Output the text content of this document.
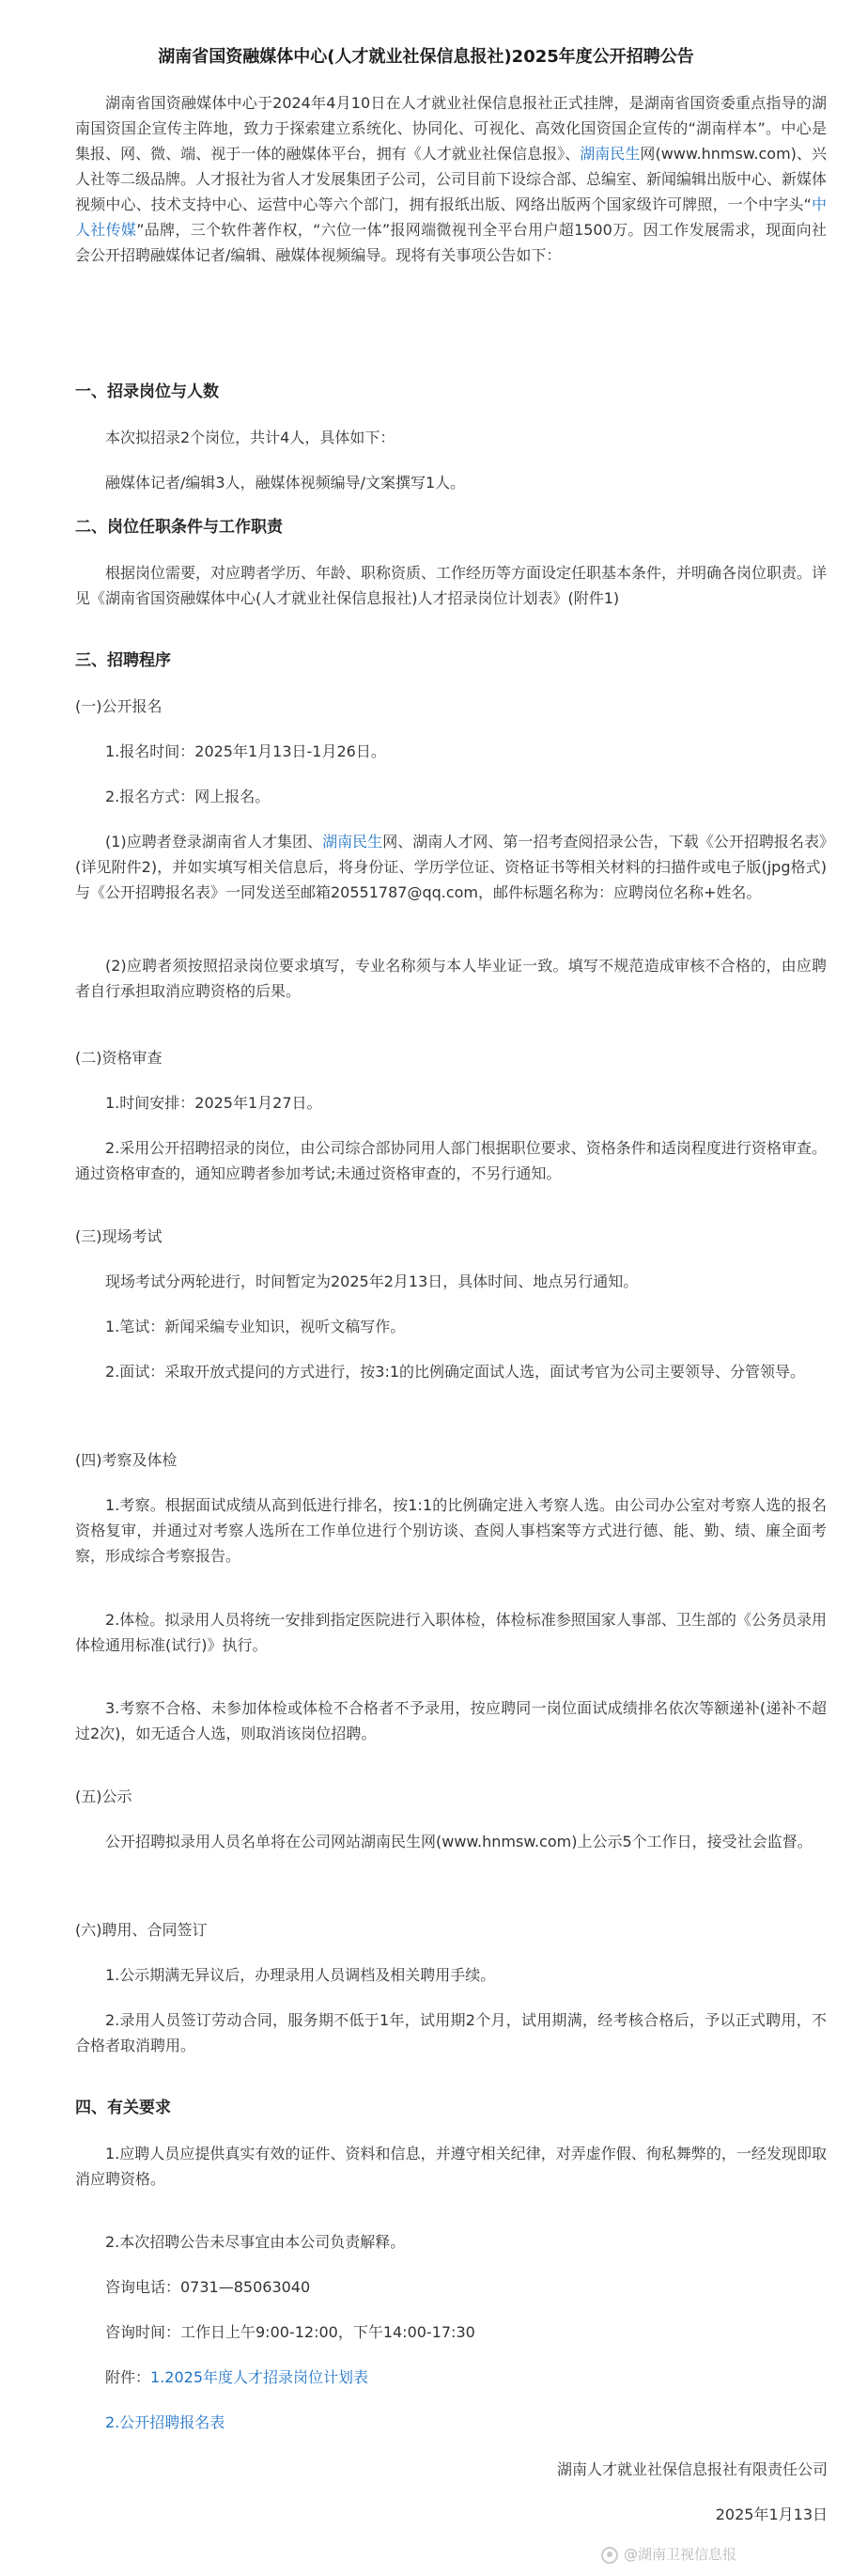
湖南省国资融媒体中心(人才就业社保信息报社)2025年度公开招聘公告

湖南省国资融媒体中心于2024年4月10日在人才就业社保信息报社正式挂牌，是湖南省国资委重点指导的湖南国资国企宣传主阵地，致力于探索建立系统化、协同化、可视化、高效化国资国企宣传的“湖南样本”。中心是集报、网、微、端、视于一体的融媒体平台，拥有《人才就业社保信息报》、湖南民生网(www.hnmsw.com)、兴人社等二级品牌。人才报社为省人才发展集团子公司，公司目前下设综合部、总编室、新闻编辑出版中心、新媒体视频中心、技术支持中心、运营中心等六个部门，拥有报纸出版、网络出版两个国家级许可牌照，一个中字头“中人社传媒”品牌，三个软件著作权，“六位一体”报网端微视刊全平台用户超1500万。因工作发展需求，现面向社会公开招聘融媒体记者/编辑、融媒体视频编导。现将有关事项公告如下：

一、招录岗位与人数
本次拟招录2个岗位，共计4人，具体如下：
融媒体记者/编辑3人，融媒体视频编导/文案撰写1人。
二、岗位任职条件与工作职责

根据岗位需要，对应聘者学历、年龄、职称资质、工作经历等方面设定任职基本条件，并明确各岗位职责。详见《湖南省国资融媒体中心(人才就业社保信息报社)人才招录岗位计划表》(附件1)

三、招聘程序
(一)公开报名
1.报名时间：2025年1月13日-1月26日。
2.报名方式：网上报名。

(1)应聘者登录湖南省人才集团、湖南民生网、湖南人才网、第一招考查阅招录公告，下载《公开招聘报名表》(详见附件2)，并如实填写相关信息后，将身份证、学历学位证、资格证书等相关材料的扫描件或电子版(jpg格式)与《公开招聘报名表》一同发送至邮箱20551787@qq.com，邮件标题名称为：应聘岗位名称+姓名。

(2)应聘者须按照招录岗位要求填写，专业名称须与本人毕业证一致。填写不规范造成审核不合格的，由应聘者自行承担取消应聘资格的后果。

(二)资格审查
1.时间安排：2025年1月27日。

2.采用公开招聘招录的岗位，由公司综合部协同用人部门根据职位要求、资格条件和适岗程度进行资格审查。通过资格审查的，通知应聘者参加考试;未通过资格审查的，不另行通知。

(三)现场考试
现场考试分两轮进行，时间暂定为2025年2月13日，具体时间、地点另行通知。
1.笔试：新闻采编专业知识，视听文稿写作。

2.面试：采取开放式提问的方式进行，按3:1的比例确定面试人选，面试考官为公司主要领导、分管领导。

(四)考察及体检

1.考察。根据面试成绩从高到低进行排名，按1:1的比例确定进入考察人选。由公司办公室对考察人选的报名资格复审，并通过对考察人选所在工作单位进行个别访谈、查阅人事档案等方式进行德、能、勤、绩、廉全面考察，形成综合考察报告。

2.体检。拟录用人员将统一安排到指定医院进行入职体检，体检标准参照国家人事部、卫生部的《公务员录用体检通用标准(试行)》执行。

3.考察不合格、未参加体检或体检不合格者不予录用，按应聘同一岗位面试成绩排名依次等额递补(递补不超过2次)，如无适合人选，则取消该岗位招聘。

(五)公示

公开招聘拟录用人员名单将在公司网站湖南民生网(www.hnmsw.com)上公示5个工作日，接受社会监督。

(六)聘用、合同签订
1.公示期满无异议后，办理录用人员调档及相关聘用手续。

2.录用人员签订劳动合同，服务期不低于1年，试用期2个月，试用期满，经考核合格后，予以正式聘用，不合格者取消聘用。

四、有关要求

1.应聘人员应提供真实有效的证件、资料和信息，并遵守相关纪律，对弄虚作假、徇私舞弊的，一经发现即取消应聘资格。

2.本次招聘公告未尽事宜由本公司负责解释。
咨询电话：0731—85063040
咨询时间：工作日上午9:00-12:00，下午14:00-17:30
附件：1.2025年度人才招录岗位计划表
2.公开招聘报名表
湖南人才就业社保信息报社有限责任公司
2025年1月13日
@湖南卫视信息报
